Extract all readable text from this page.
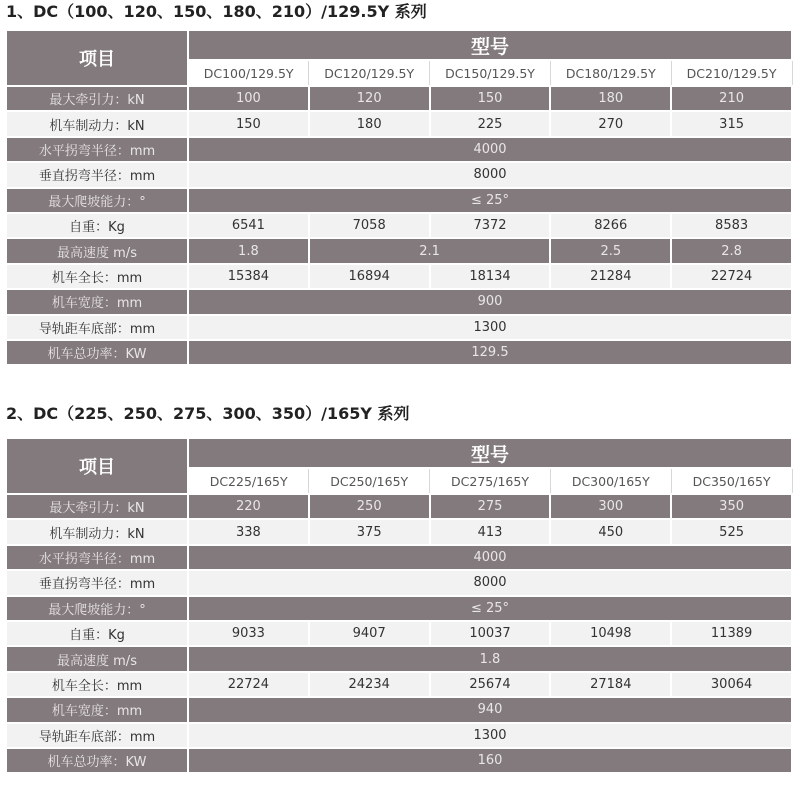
1、DC（100、120、150、180、210）/129.5Y 系列
项目	型号				
	DC100/129.5Y	DC120/129.5Y	DC150/129.5Y	DC180/129.5Y	DC210/129.5Y
最大牵引力：kN	100	120	150	180	210
机车制动力：kN	150	180	225	270	315
水平拐弯半径：mm	4000				
垂直拐弯半径：mm	8000				
最大爬坡能力：°	≤ 25°				
自重：Kg	6541	7058	7372	8266	8583
最高速度 m/s	1.8	2.1		2.5	2.8
机车全长：mm	15384	16894	18134	21284	22724
机车宽度：mm	900				
导轨距车底部：mm	1300				
机车总功率：KW	129.5				
2、DC（225、250、275、300、350）/165Y 系列
项目	型号				
	DC225/165Y	DC250/165Y	DC275/165Y	DC300/165Y	DC350/165Y
最大牵引力：kN	220	250	275	300	350
机车制动力：kN	338	375	413	450	525
水平拐弯半径：mm	4000				
垂直拐弯半径：mm	8000				
最大爬坡能力：°	≤ 25°				
自重：Kg	9033	9407	10037	10498	11389
最高速度 m/s	1.8				
机车全长：mm	22724	24234	25674	27184	30064
机车宽度：mm	940				
导轨距车底部：mm	1300				
机车总功率：KW	160				
